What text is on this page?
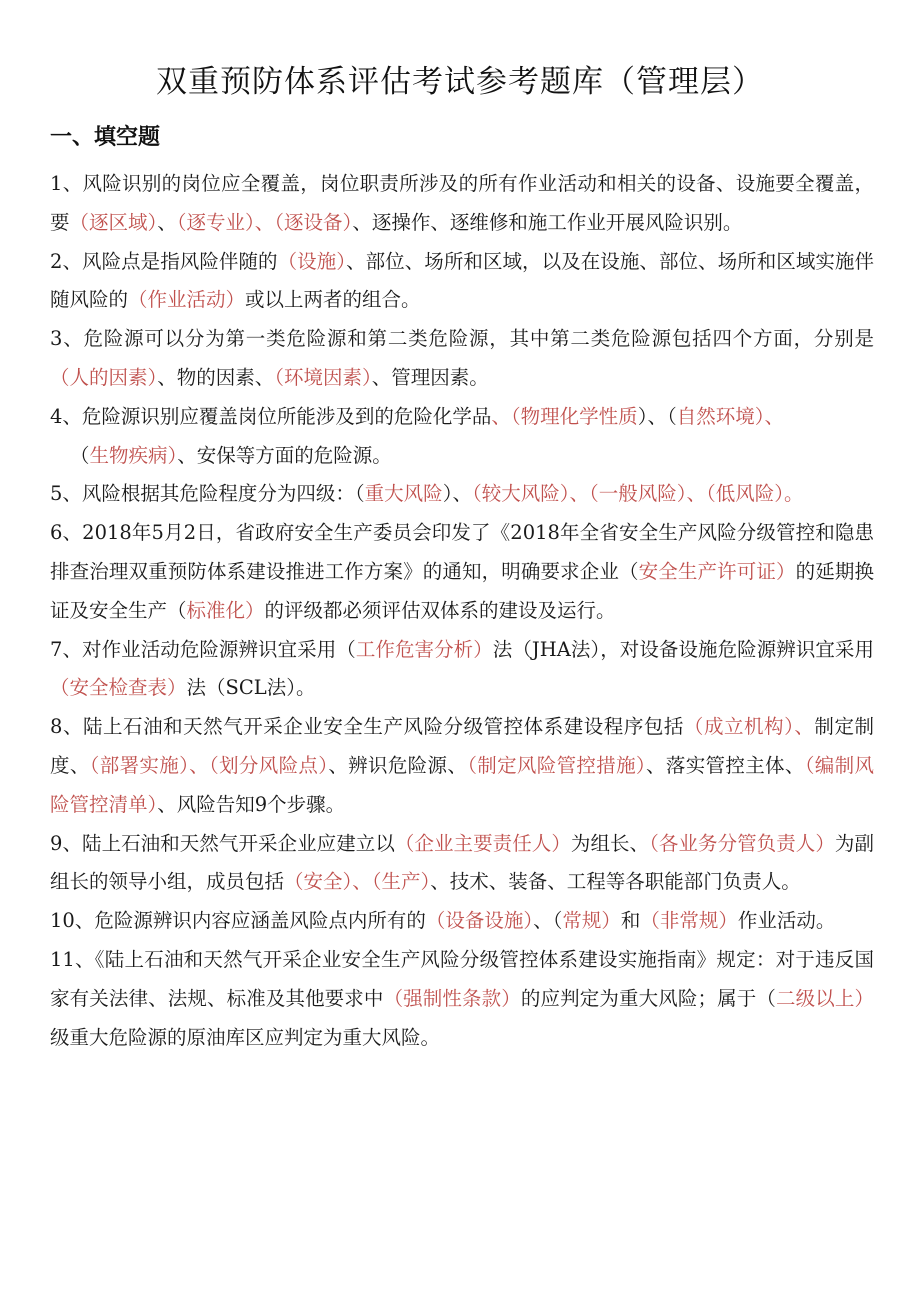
双重预防体系评估考试参考题库（管理层）
一、填空题

1、风险识别的岗位应全覆盖，岗位职责所涉及的所有作业活动和相关的设备、设施要全覆盖，要（逐区域）、（逐专业）、（逐设备）、逐操作、逐维修和施工作业开展风险识别。

2、风险点是指风险伴随的（设施）、部位、场所和区域，以及在设施、部位、场所和区域实施伴随风险的（作业活动）或以上两者的组合。

3、危险源可以分为第一类危险源和第二类危险源，其中第二类危险源包括四个方面，分别是（人的因素）、物的因素、（环境因素）、管理因素。

4、危险源识别应覆盖岗位所能涉及到的危险化学品、（物理化学性质）、（自然环境）、

（生物疾病）、安保等方面的危险源。

5、风险根据其危险程度分为四级：（重大风险）、（较大风险）、（一般风险）、（低风险）。

6、2018年5月2日，省政府安全生产委员会印发了《2018年全省安全生产风险分级管控和隐患排查治理双重预防体系建设推进工作方案》的通知，明确要求企业（安全生产许可证）的延期换证及安全生产（标准化）的评级都必须评估双体系的建设及运行。

7、对作业活动危险源辨识宜采用（工作危害分析）法（JHA法），对设备设施危险源辨识宜采用（安全检查表）法（SCL法）。

8、陆上石油和天然气开采企业安全生产风险分级管控体系建设程序包括（成立机构）、制定制度、（部署实施）、（划分风险点）、辨识危险源、（制定风险管控措施）、落实管控主体、（编制风险管控清单）、风险告知9个步骤。

9、陆上石油和天然气开采企业应建立以（企业主要责任人）为组长、（各业务分管负责人）为副组长的领导小组，成员包括（安全）、（生产）、技术、装备、工程等各职能部门负责人。

10、危险源辨识内容应涵盖风险点内所有的（设备设施）、（常规）和（非常规）作业活动。

11、《陆上石油和天然气开采企业安全生产风险分级管控体系建设实施指南》规定：对于违反国家有关法律、法规、标准及其他要求中（强制性条款）的应判定为重大风险；属于（二级以上）级重大危险源的原油库区应判定为重大风险。
